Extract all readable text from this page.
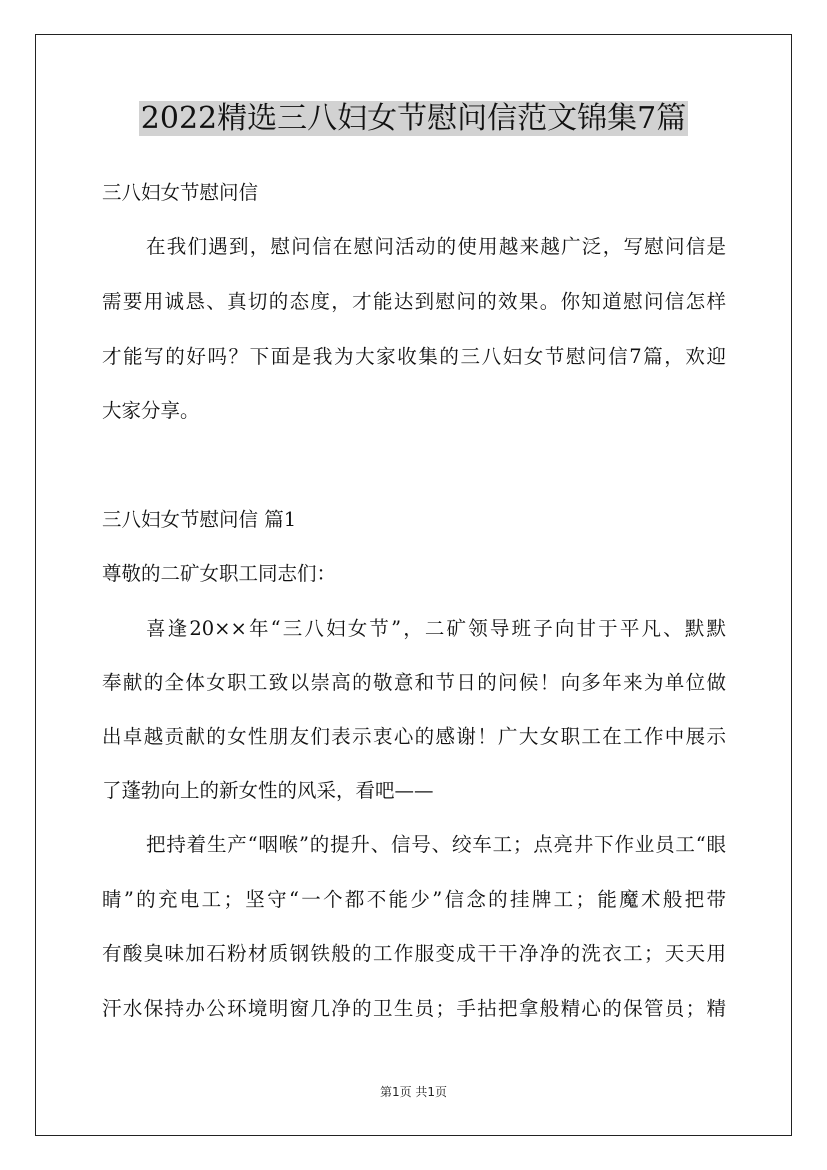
2022精选三八妇女节慰问信范文锦集7篇

三八妇女节慰问信

在我们遇到，慰问信在慰问活动的使用越来越广泛，写慰问信是

需要用诚恳、真切的态度，才能达到慰问的效果。你知道慰问信怎样

才能写的好吗？下面是我为大家收集的三八妇女节慰问信7篇，欢迎

大家分享。

三八妇女节慰问信 篇1

尊敬的二矿女职工同志们：

喜逢20××年“三八妇女节”，二矿领导班子向甘于平凡、默默

奉献的全体女职工致以崇高的敬意和节日的问候！向多年来为单位做

出卓越贡献的女性朋友们表示衷心的感谢！广大女职工在工作中展示

了蓬勃向上的新女性的风采，看吧——

把持着生产“咽喉”的提升、信号、绞车工；点亮井下作业员工“眼

睛”的充电工；坚守“一个都不能少”信念的挂牌工；能魔术般把带

有酸臭味加石粉材质钢铁般的工作服变成干干净净的洗衣工；天天用

汗水保持办公环境明窗几净的卫生员；手拈把拿般精心的保管员；精

第1页 共1页
